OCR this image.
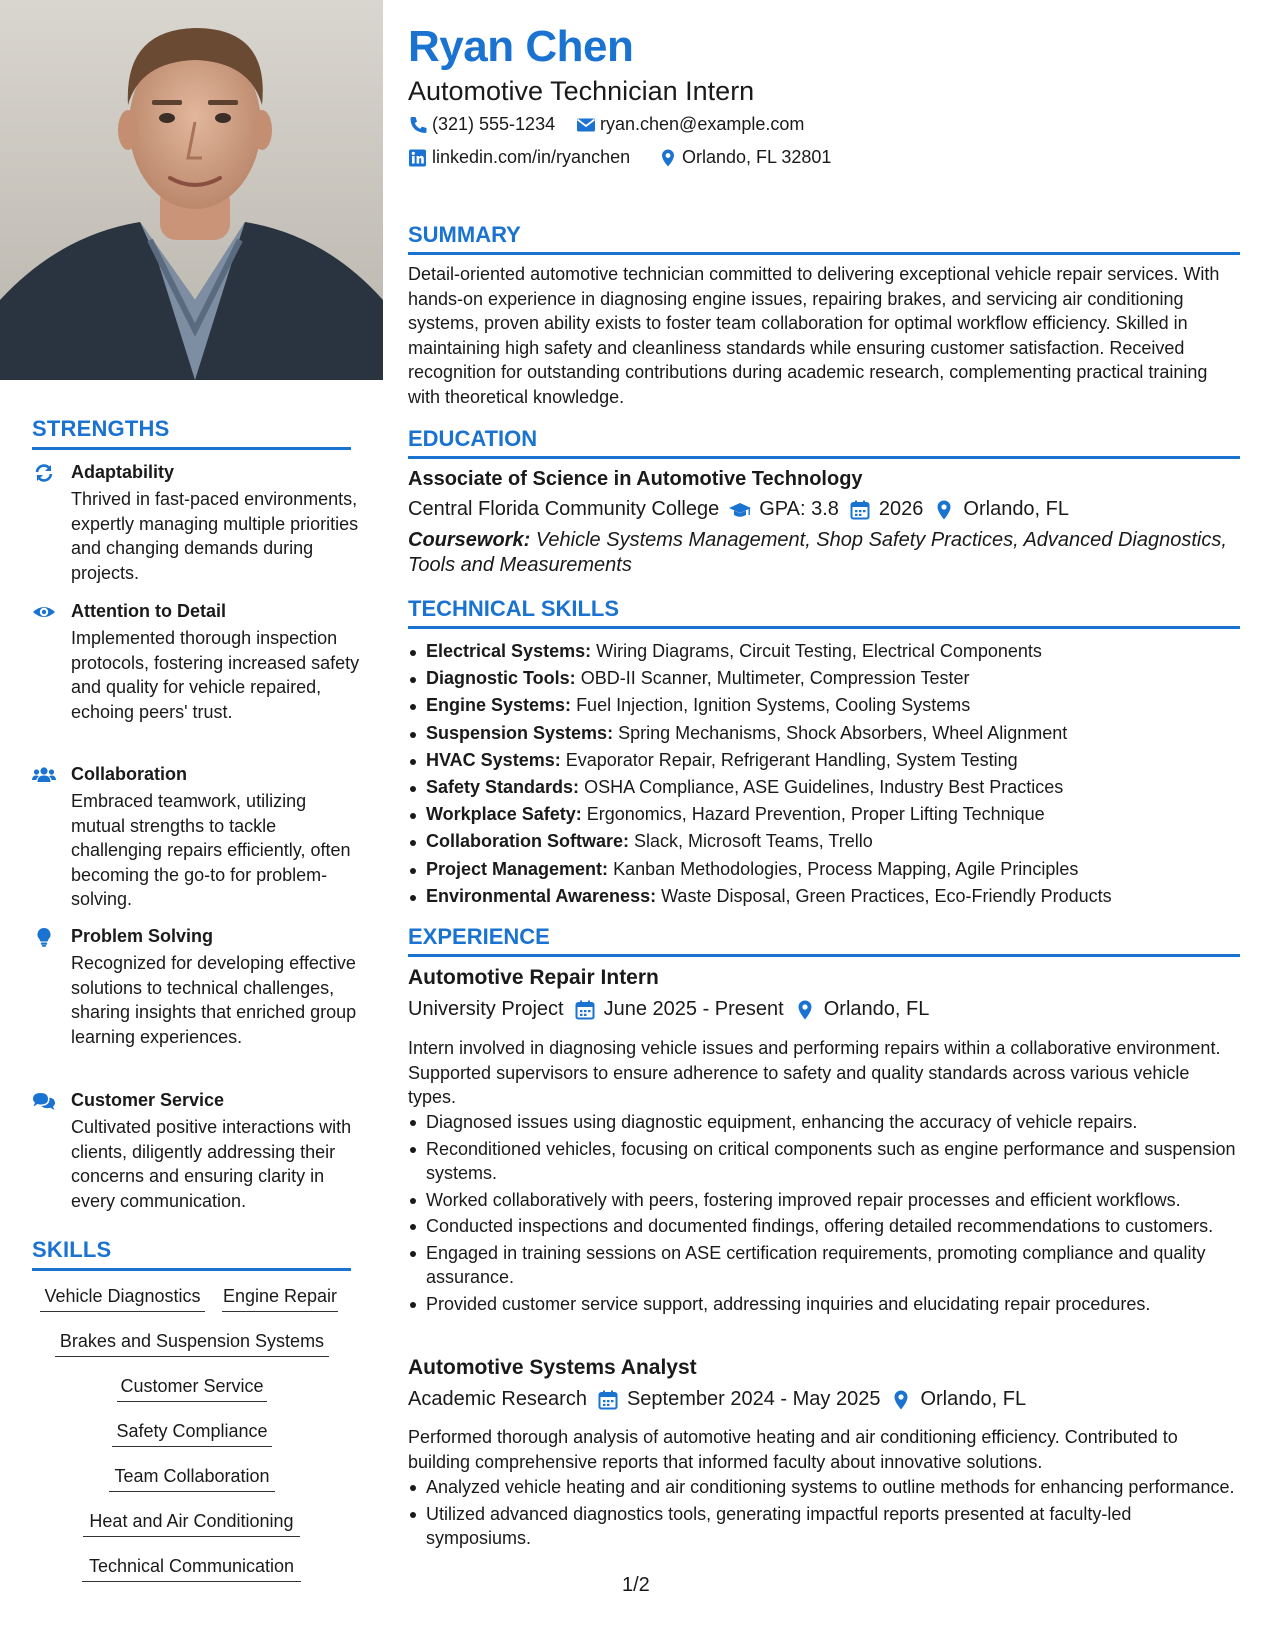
STRENGTHS
Adaptability
Thrived in fast-paced environments, expertly managing multiple priorities and changing demands during projects.
Attention to Detail
Implemented thorough inspection protocols, fostering increased safety and quality for vehicle repaired, echoing peers' trust.
Collaboration
Embraced teamwork, utilizing mutual strengths to tackle challenging repairs efficiently, often becoming the go-to for problem-solving.
Problem Solving
Recognized for developing effective solutions to technical challenges, sharing insights that enriched group learning experiences.
Customer Service
Cultivated positive interactions with clients, diligently addressing their concerns and ensuring clarity in every communication.
SKILLS
Vehicle Diagnostics Engine Repair
Brakes and Suspension Systems
Customer Service
Safety Compliance
Team Collaboration
Heat and Air Conditioning
Technical Communication
Ryan Chen
Automotive Technician Intern
(321) 555-1234 ryan.chen@example.com
linkedin.com/in/ryanchen	Orlando, FL 32801
SUMMARY
Detail-oriented automotive technician committed to delivering exceptional vehicle repair services. With hands-on experience in diagnosing engine issues, repairing brakes, and servicing air conditioning systems, proven ability exists to foster team collaboration for optimal workflow efficiency. Skilled in maintaining high safety and cleanliness standards while ensuring customer satisfaction. Received recognition for outstanding contributions during academic research, complementing practical training with theoretical knowledge.
EDUCATION
Associate of Science in Automotive Technology
Central Florida Community College GPA: 3.8 2026 Orlando, FL
Coursework: Vehicle Systems Management, Shop Safety Practices, Advanced Diagnostics, Tools and Measurements
TECHNICAL SKILLS
Electrical Systems: Wiring Diagrams, Circuit Testing, Electrical Components
Diagnostic Tools: OBD-II Scanner, Multimeter, Compression Tester
Engine Systems: Fuel Injection, Ignition Systems, Cooling Systems
Suspension Systems: Spring Mechanisms, Shock Absorbers, Wheel Alignment
HVAC Systems: Evaporator Repair, Refrigerant Handling, System Testing
Safety Standards: OSHA Compliance, ASE Guidelines, Industry Best Practices
Workplace Safety: Ergonomics, Hazard Prevention, Proper Lifting Technique
Collaboration Software: Slack, Microsoft Teams, Trello
Project Management: Kanban Methodologies, Process Mapping, Agile Principles
Environmental Awareness: Waste Disposal, Green Practices, Eco-Friendly Products
EXPERIENCE
Automotive Repair Intern
University Project June 2025 - Present Orlando, FL
Intern involved in diagnosing vehicle issues and performing repairs within a collaborative environment. Supported supervisors to ensure adherence to safety and quality standards across various vehicle types.
Diagnosed issues using diagnostic equipment, enhancing the accuracy of vehicle repairs.
Reconditioned vehicles, focusing on critical components such as engine performance and suspension systems.
Worked collaboratively with peers, fostering improved repair processes and efficient workflows.
Conducted inspections and documented findings, offering detailed recommendations to customers.
Engaged in training sessions on ASE certification requirements, promoting compliance and quality assurance.
Provided customer service support, addressing inquiries and elucidating repair procedures.
Automotive Systems Analyst
Academic Research September 2024 - May 2025 Orlando, FL
Performed thorough analysis of automotive heating and air conditioning efficiency. Contributed to building comprehensive reports that informed faculty about innovative solutions.
Analyzed vehicle heating and air conditioning systems to outline methods for enhancing performance.
Utilized advanced diagnostics tools, generating impactful reports presented at faculty-led symposiums.
1/2
